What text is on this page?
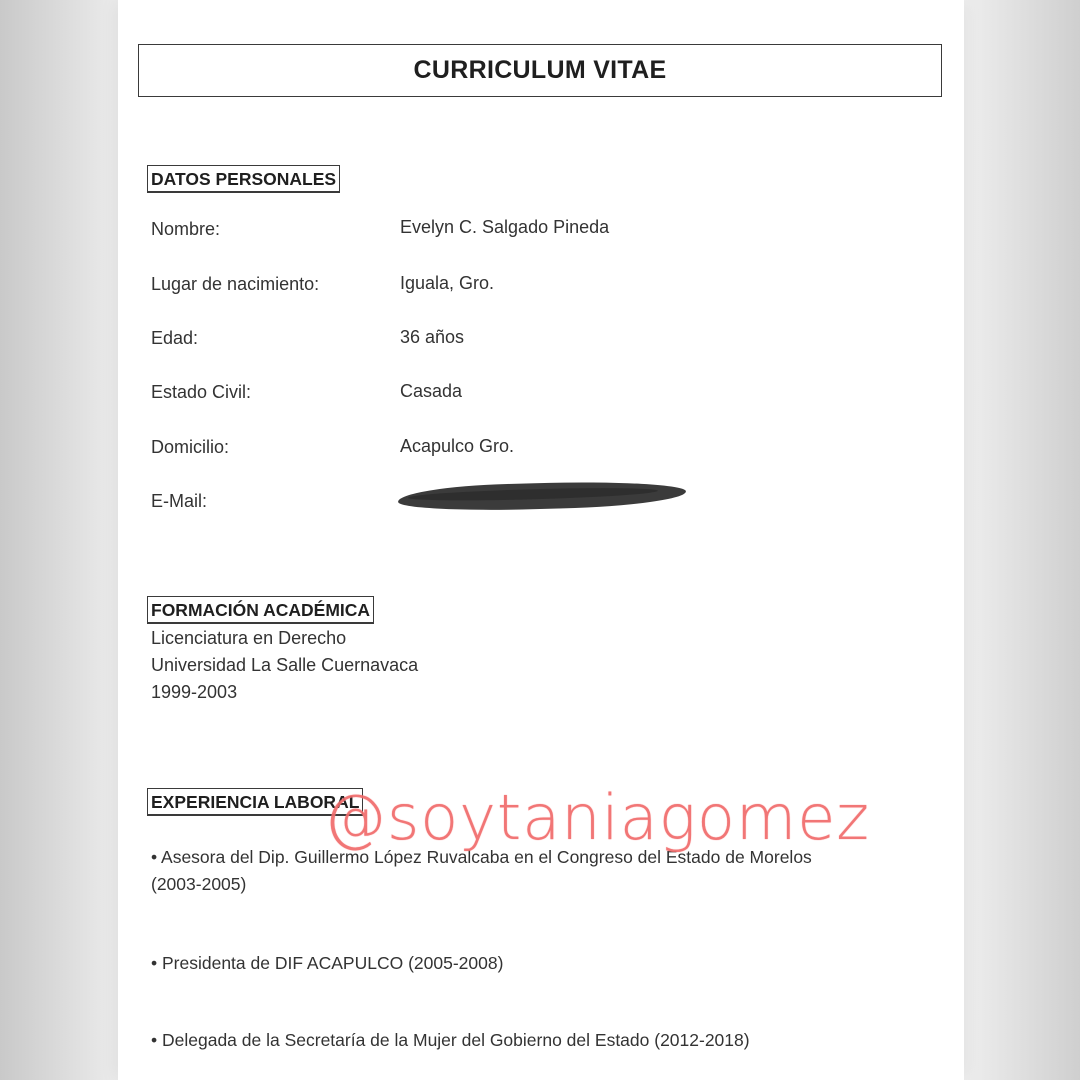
CURRICULUM VITAE
DATOS PERSONALES
Nombre:	Evelyn C. Salgado Pineda
Lugar de nacimiento:	Iguala, Gro.
Edad:	36 años
Estado Civil:	Casada
Domicilio:	Acapulco Gro.
E-Mail:
FORMACIÓN ACADÉMICA
Licenciatura en Derecho
Universidad La Salle Cuernavaca
1999-2003
EXPERIENCIA LABORAL
• Asesora del Dip. Guillermo López Ruvalcaba en el Congreso del Estado de Morelos
(2003-2005)
• Presidenta de DIF ACAPULCO (2005-2008)
• Delegada de la Secretaría de la Mujer del Gobierno del Estado (2012-2018)
@soytaniagomez
